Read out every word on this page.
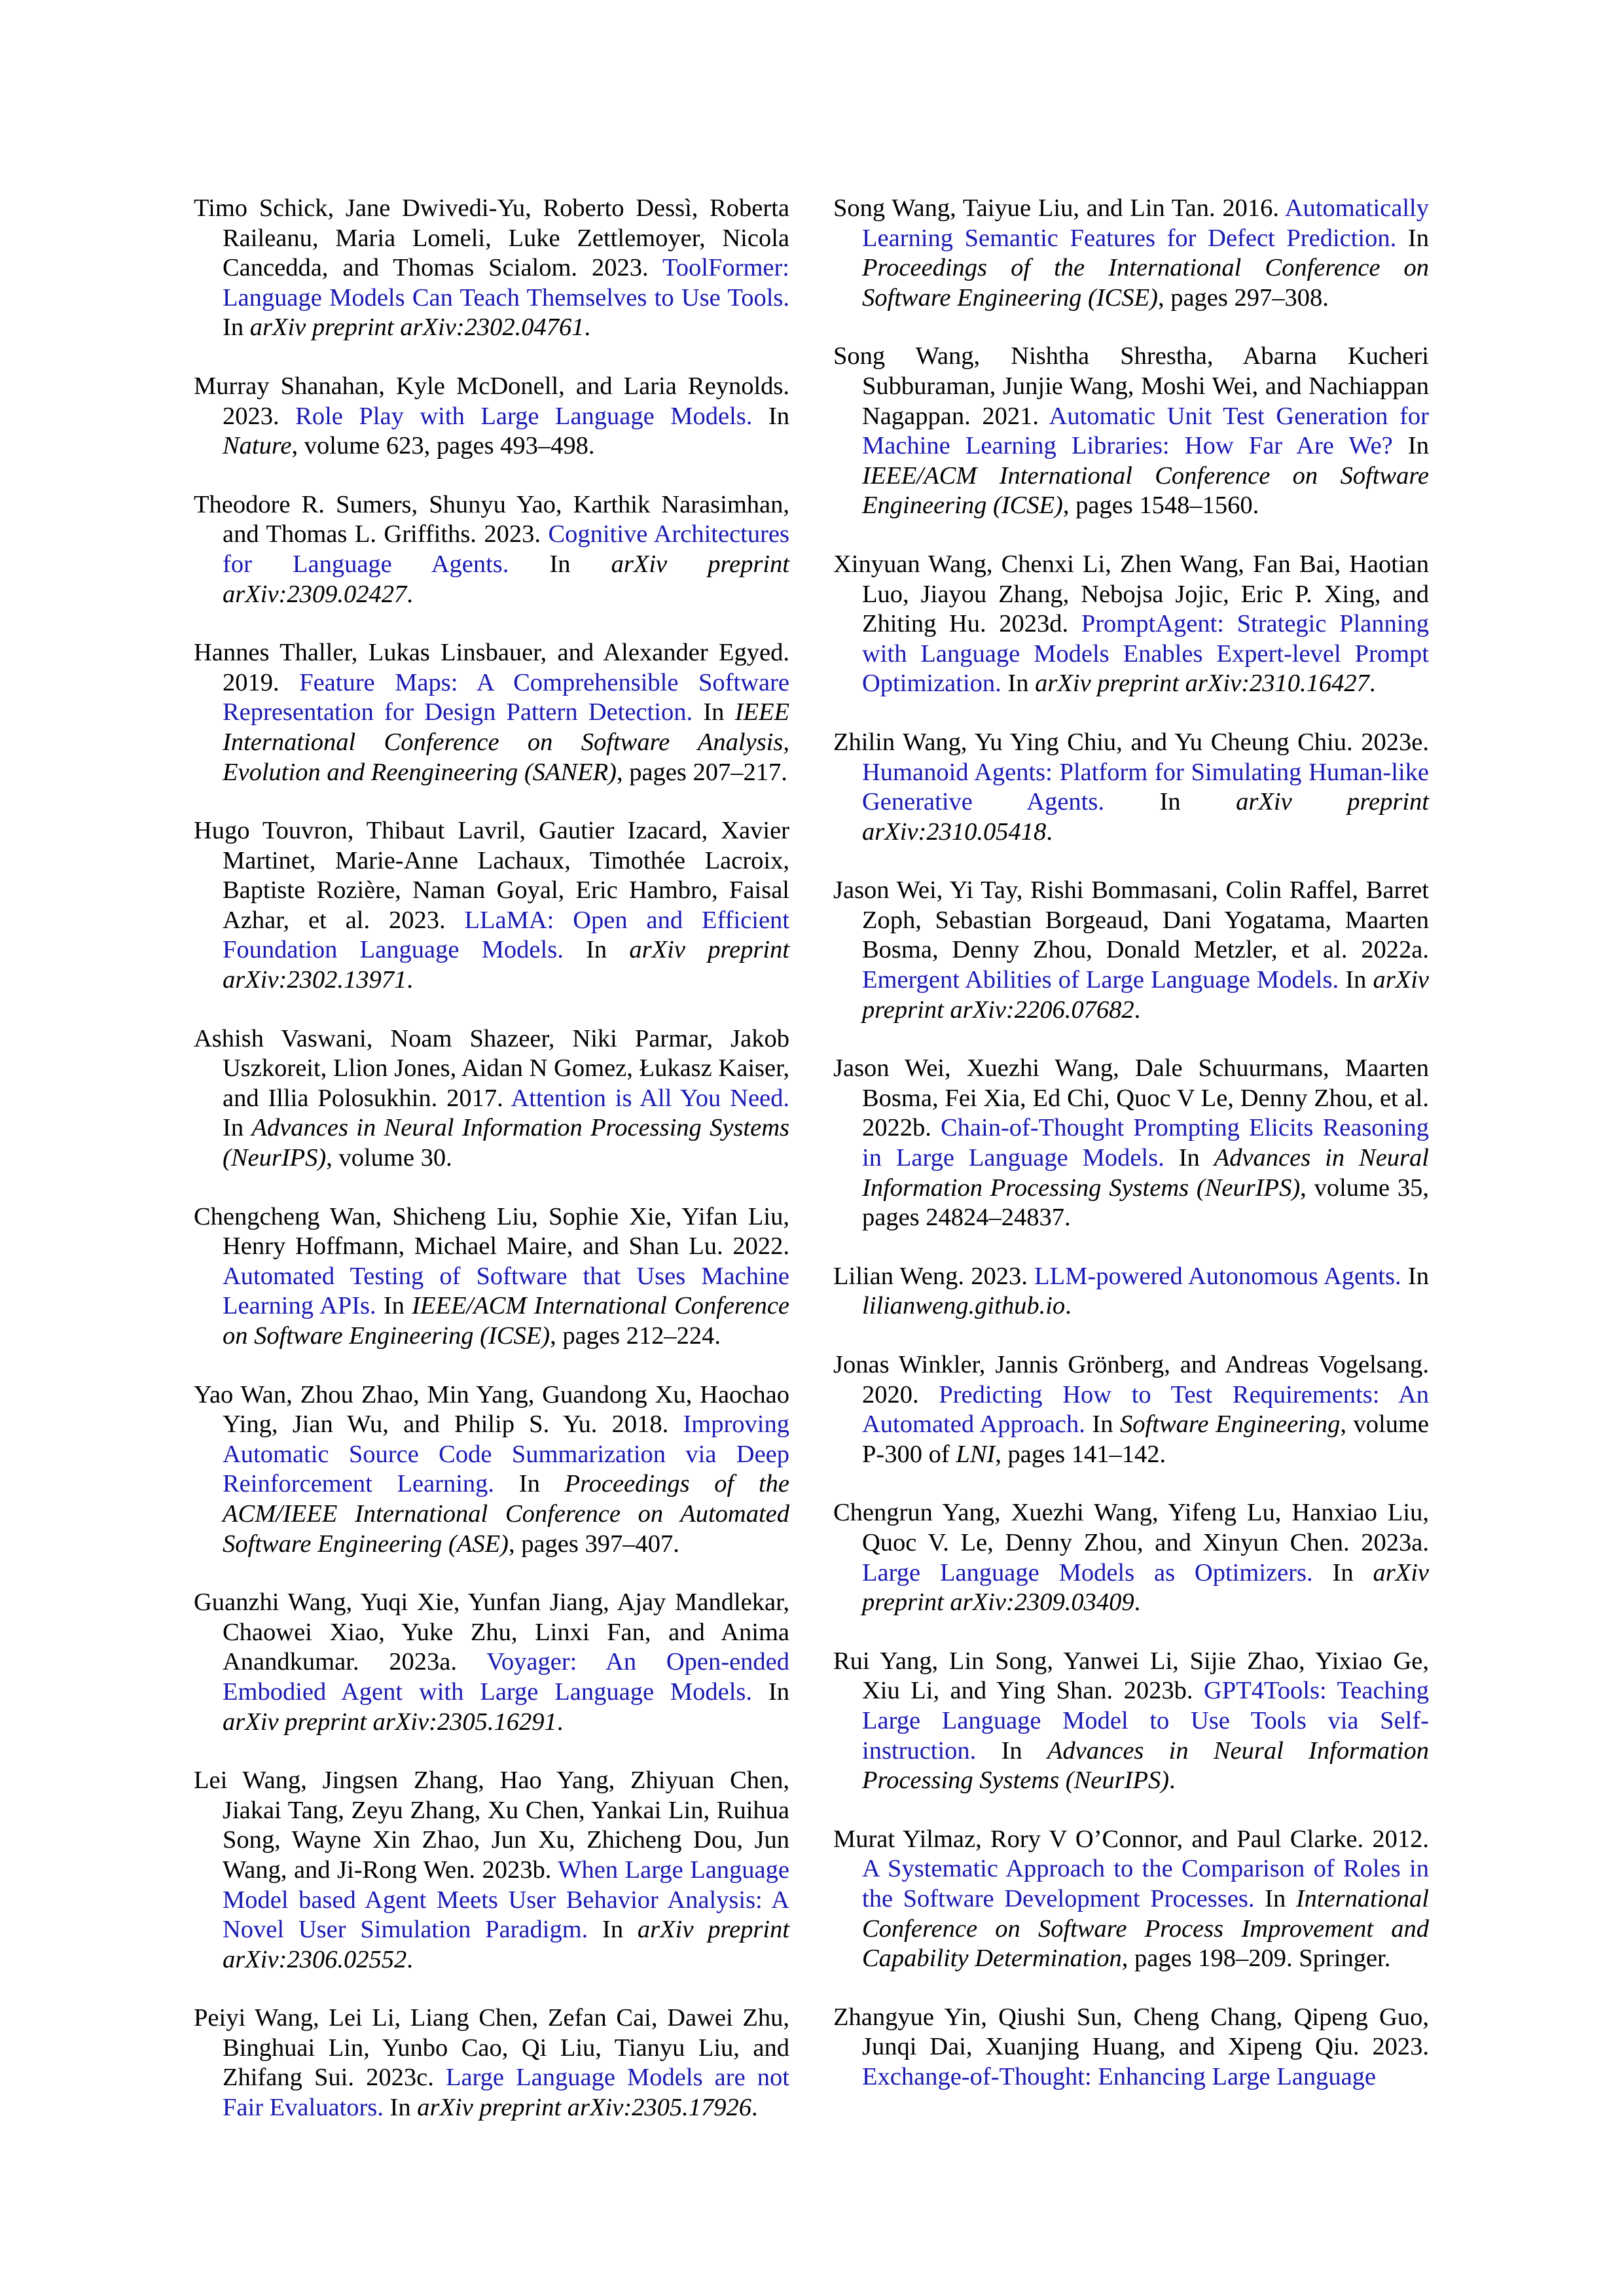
Timo Schick, Jane Dwivedi-Yu, Roberto Dessì, Roberta Raileanu, Maria Lomeli, Luke Zettlemoyer, Nicola Cancedda, and Thomas Scialom. 2023. ToolFormer: Language Models Can Teach Themselves to Use Tools. In arXiv preprint arXiv:2302.04761.
Murray Shanahan, Kyle McDonell, and Laria Reynolds. 2023. Role Play with Large Language Models. In Nature, volume 623, pages 493–498.
Theodore R. Sumers, Shunyu Yao, Karthik Narasimhan, and Thomas L. Griffiths. 2023. Cognitive Architectures for Language Agents. In arXiv preprint arXiv:2309.02427.
Hannes Thaller, Lukas Linsbauer, and Alexander Egyed. 2019. Feature Maps: A Comprehensible Software Representation for Design Pattern Detection. In IEEE International Conference on Software Analysis, Evolution and Reengineering (SANER), pages 207–217.
Hugo Touvron, Thibaut Lavril, Gautier Izacard, Xavier Martinet, Marie-Anne Lachaux, Timothée Lacroix, Baptiste Rozière, Naman Goyal, Eric Hambro, Faisal Azhar, et al. 2023. LLaMA: Open and Efficient Foundation Language Models. In arXiv preprint arXiv:2302.13971.
Ashish Vaswani, Noam Shazeer, Niki Parmar, Jakob Uszkoreit, Llion Jones, Aidan N Gomez, Łukasz Kaiser, and Illia Polosukhin. 2017. Attention is All You Need. In Advances in Neural Information Processing Systems (NeurIPS), volume 30.
Chengcheng Wan, Shicheng Liu, Sophie Xie, Yifan Liu, Henry Hoffmann, Michael Maire, and Shan Lu. 2022. Automated Testing of Software that Uses Machine Learning APIs. In IEEE/ACM International Conference on Software Engineering (ICSE), pages 212–224.
Yao Wan, Zhou Zhao, Min Yang, Guandong Xu, Haochao Ying, Jian Wu, and Philip S. Yu. 2018. Improving Automatic Source Code Summarization via Deep Reinforcement Learning. In Proceedings of the ACM/IEEE International Conference on Automated Software Engineering (ASE), pages 397–407.
Guanzhi Wang, Yuqi Xie, Yunfan Jiang, Ajay Mandlekar, Chaowei Xiao, Yuke Zhu, Linxi Fan, and Anima Anandkumar. 2023a. Voyager: An Open-ended Embodied Agent with Large Language Models. In arXiv preprint arXiv:2305.16291.
Lei Wang, Jingsen Zhang, Hao Yang, Zhiyuan Chen, Jiakai Tang, Zeyu Zhang, Xu Chen, Yankai Lin, Ruihua Song, Wayne Xin Zhao, Jun Xu, Zhicheng Dou, Jun Wang, and Ji-Rong Wen. 2023b. When Large Language Model based Agent Meets User Behavior Analysis: A Novel User Simulation Paradigm. In arXiv preprint arXiv:2306.02552.
Peiyi Wang, Lei Li, Liang Chen, Zefan Cai, Dawei Zhu, Binghuai Lin, Yunbo Cao, Qi Liu, Tianyu Liu, and Zhifang Sui. 2023c. Large Language Models are not Fair Evaluators. In arXiv preprint arXiv:2305.17926.
Song Wang, Taiyue Liu, and Lin Tan. 2016. Automatically Learning Semantic Features for Defect Prediction. In Proceedings of the International Conference on Software Engineering (ICSE), pages 297–308.
Song Wang, Nishtha Shrestha, Abarna Kucheri Subburaman, Junjie Wang, Moshi Wei, and Nachiappan Nagappan. 2021. Automatic Unit Test Generation for Machine Learning Libraries: How Far Are We? In IEEE/ACM International Conference on Software Engineering (ICSE), pages 1548–1560.
Xinyuan Wang, Chenxi Li, Zhen Wang, Fan Bai, Haotian Luo, Jiayou Zhang, Nebojsa Jojic, Eric P. Xing, and Zhiting Hu. 2023d. PromptAgent: Strategic Planning with Language Models Enables Expert-level Prompt Optimization. In arXiv preprint arXiv:2310.16427.
Zhilin Wang, Yu Ying Chiu, and Yu Cheung Chiu. 2023e. Humanoid Agents: Platform for Simulating Human-like Generative Agents. In arXiv preprint arXiv:2310.05418.
Jason Wei, Yi Tay, Rishi Bommasani, Colin Raffel, Barret Zoph, Sebastian Borgeaud, Dani Yogatama, Maarten Bosma, Denny Zhou, Donald Metzler, et al. 2022a. Emergent Abilities of Large Language Models. In arXiv preprint arXiv:2206.07682.
Jason Wei, Xuezhi Wang, Dale Schuurmans, Maarten Bosma, Fei Xia, Ed Chi, Quoc V Le, Denny Zhou, et al. 2022b. Chain-of-Thought Prompting Elicits Reasoning in Large Language Models. In Advances in Neural Information Processing Systems (NeurIPS), volume 35, pages 24824–24837.
Lilian Weng. 2023. LLM-powered Autonomous Agents. In lilianweng.github.io.
Jonas Winkler, Jannis Grönberg, and Andreas Vogelsang. 2020. Predicting How to Test Requirements: An Automated Approach. In Software Engineering, volume P-300 of LNI, pages 141–142.
Chengrun Yang, Xuezhi Wang, Yifeng Lu, Hanxiao Liu, Quoc V. Le, Denny Zhou, and Xinyun Chen. 2023a. Large Language Models as Optimizers. In arXiv preprint arXiv:2309.03409.
Rui Yang, Lin Song, Yanwei Li, Sijie Zhao, Yixiao Ge, Xiu Li, and Ying Shan. 2023b. GPT4Tools: Teaching Large Language Model to Use Tools via Self-instruction. In Advances in Neural Information Processing Systems (NeurIPS).
Murat Yilmaz, Rory V O’Connor, and Paul Clarke. 2012. A Systematic Approach to the Comparison of Roles in the Software Development Processes. In International Conference on Software Process Improvement and Capability Determination, pages 198–209. Springer.
Zhangyue Yin, Qiushi Sun, Cheng Chang, Qipeng Guo, Junqi Dai, Xuanjing Huang, and Xipeng Qiu. 2023. Exchange-of-Thought: Enhancing Large Language
